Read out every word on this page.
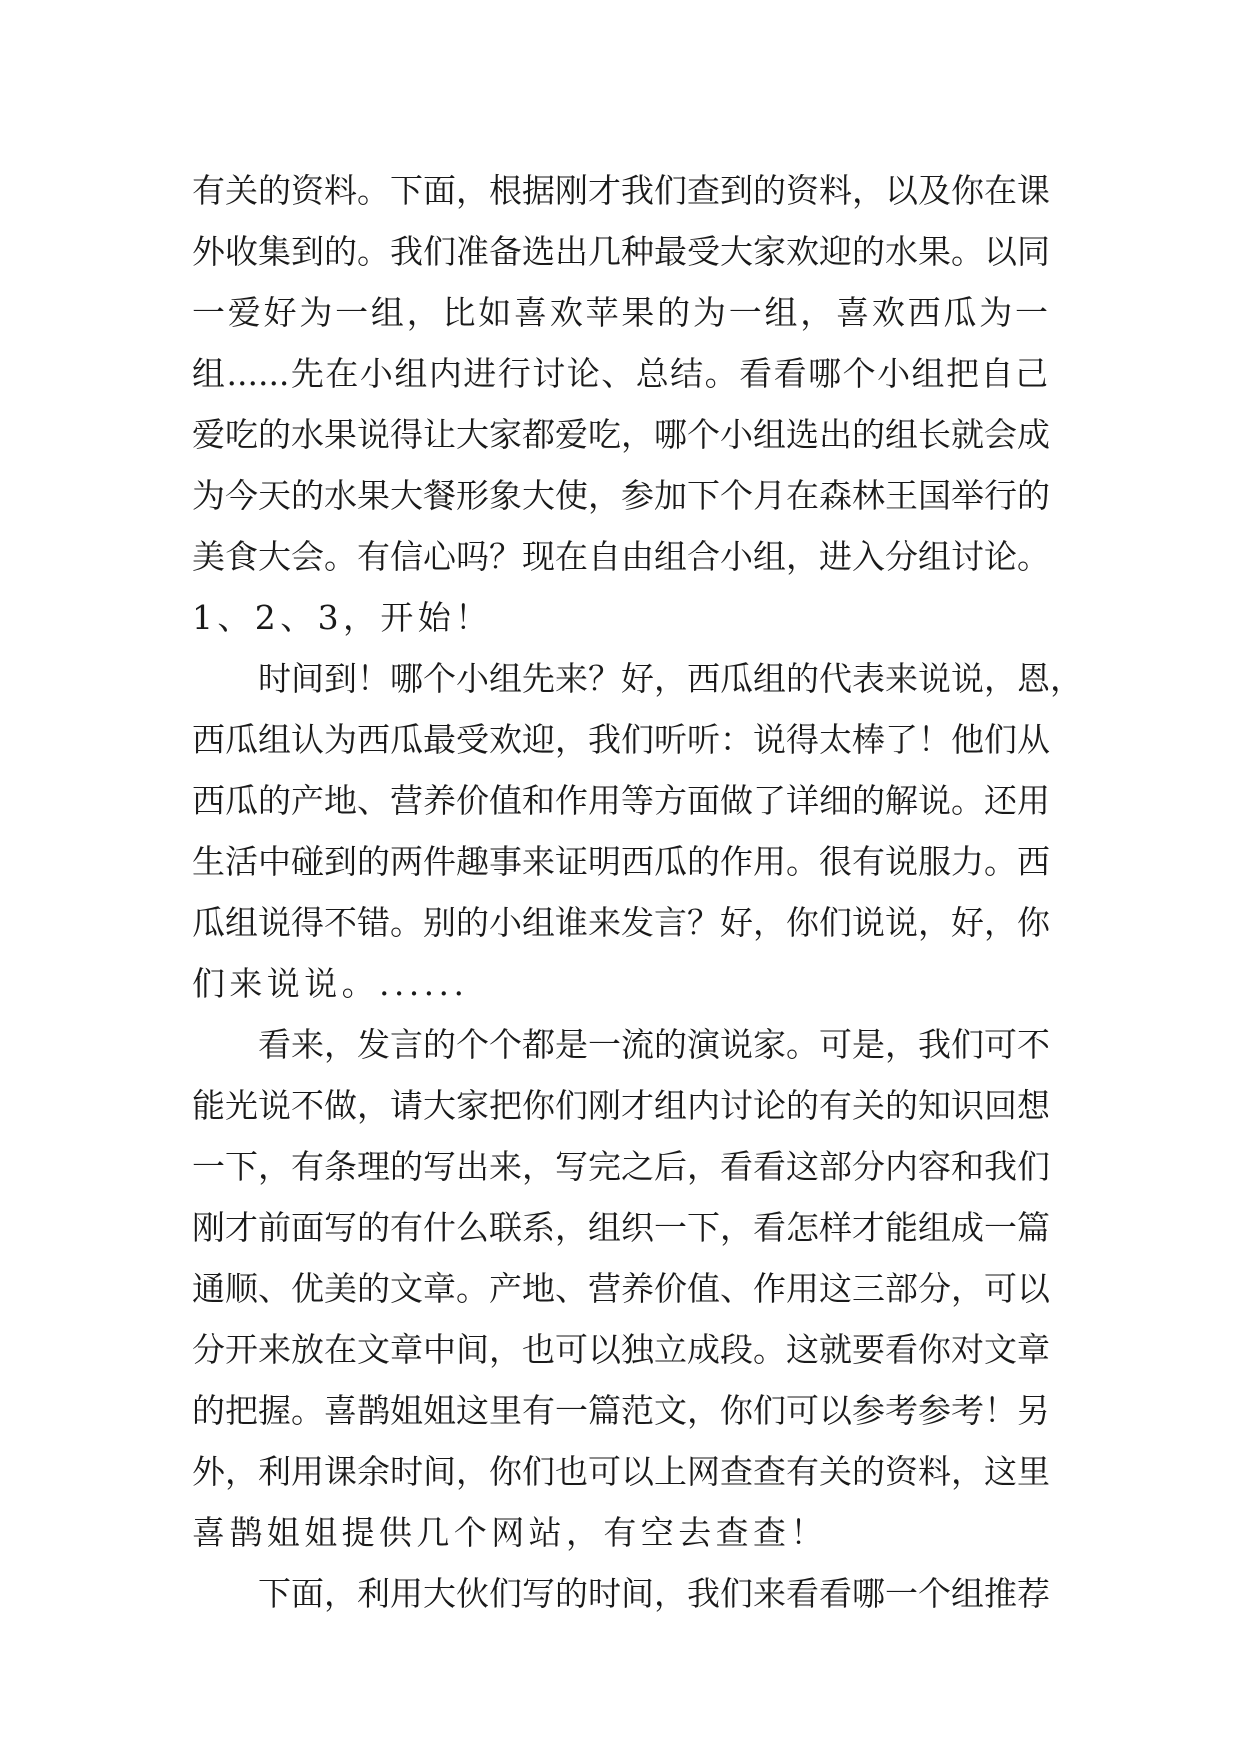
有关的资料。下面，根据刚才我们查到的资料，以及你在课
外收集到的。我们准备选出几种最受大家欢迎的水果。以同
一爱好为一组，比如喜欢苹果的为一组，喜欢西瓜为一
组......先在小组内进行讨论、总结。看看哪个小组把自己
爱吃的水果说得让大家都爱吃，哪个小组选出的组长就会成
为今天的水果大餐形象大使，参加下个月在森林王国举行的
美食大会。有信心吗？现在自由组合小组，进入分组讨论。
1、2、3，开始！
时间到！哪个小组先来？好，西瓜组的代表来说说，恩，
西瓜组认为西瓜最受欢迎，我们听听：说得太棒了！他们从
西瓜的产地、营养价值和作用等方面做了详细的解说。还用
生活中碰到的两件趣事来证明西瓜的作用。很有说服力。西
瓜组说得不错。别的小组谁来发言？好，你们说说，好，你
们来说说。......
看来，发言的个个都是一流的演说家。可是，我们可不
能光说不做，请大家把你们刚才组内讨论的有关的知识回想
一下，有条理的写出来，写完之后，看看这部分内容和我们
刚才前面写的有什么联系，组织一下，看怎样才能组成一篇
通顺、优美的文章。产地、营养价值、作用这三部分，可以
分开来放在文章中间，也可以独立成段。这就要看你对文章
的把握。喜鹊姐姐这里有一篇范文，你们可以参考参考！另
外，利用课余时间，你们也可以上网查查有关的资料，这里
喜鹊姐姐提供几个网站，有空去查查！
下面，利用大伙们写的时间，我们来看看哪一个组推荐
